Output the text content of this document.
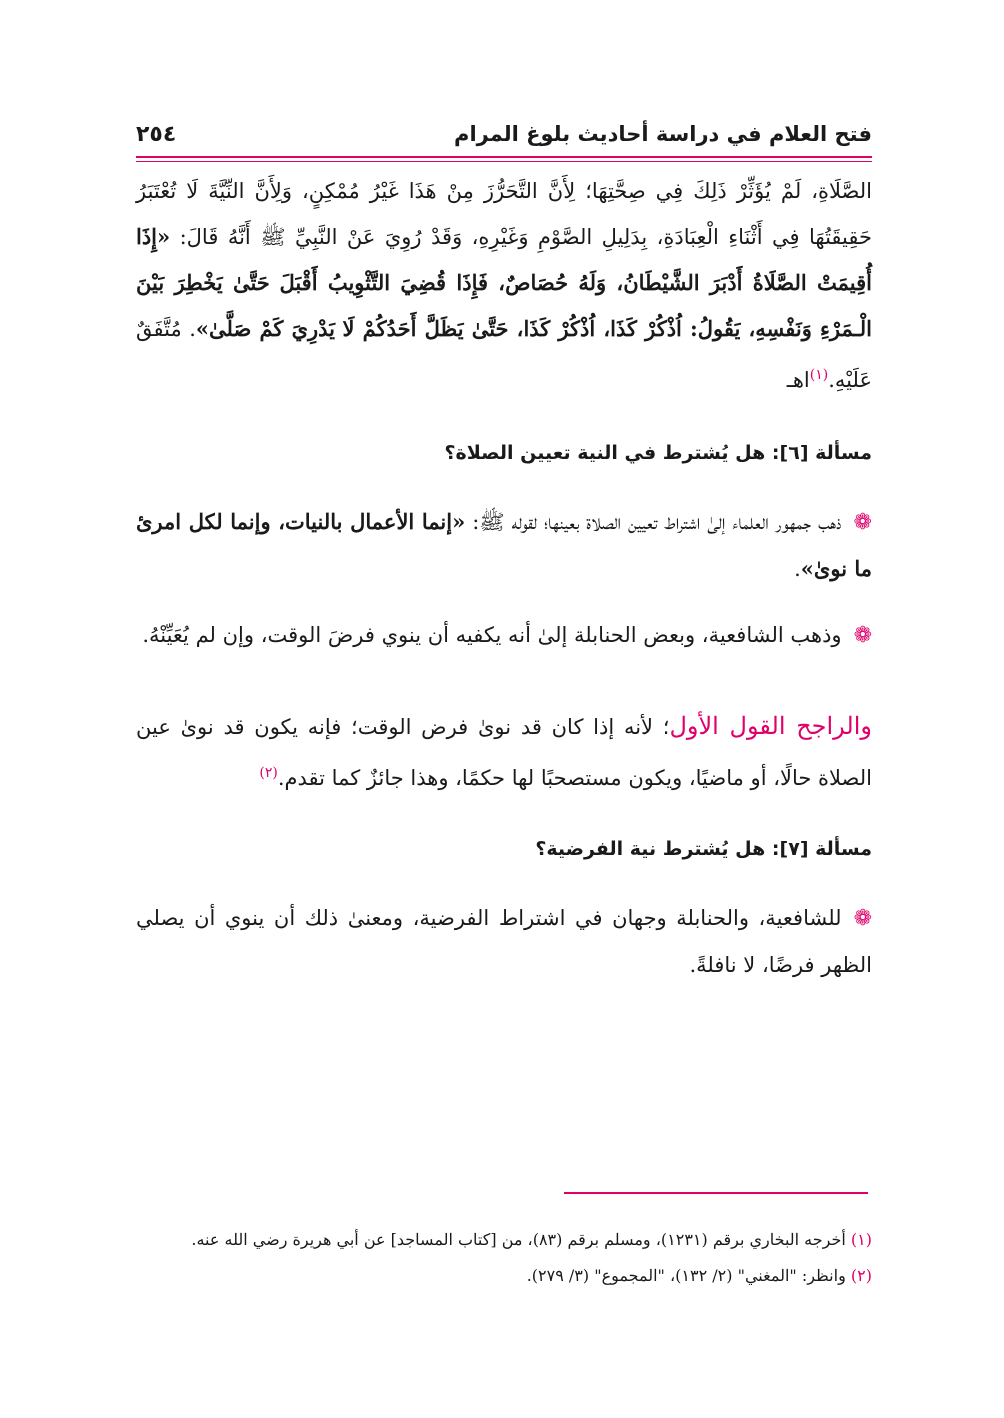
فتح العلام في دراسة أحاديث بلوغ المرام
٢٥٤

الصَّلَاةِ، لَمْ يُؤَثِّرْ ذَلِكَ فِي صِحَّتِهَا؛ لِأَنَّ التَّحَرُّزَ مِنْ هَذَا غَيْرُ مُمْكِنٍ، وَلِأَنَّ النِّيَّةَ لَا تُعْتَبَرُ حَقِيقَتُهَا فِي أَثْنَاءِ الْعِبَادَةِ، بِدَلِيلِ الصَّوْمِ وَغَيْرِهِ، وَقَدْ رُوِيَ عَنْ النَّبِيِّ ﷺ أَنَّهُ قَالَ: «إِذَا أُقِيمَتْ الصَّلَاةُ أَدْبَرَ الشَّيْطَانُ، وَلَهُ حُصَاصٌ، فَإِذَا قُضِيَ التَّثْوِيبُ أَقْبَلَ حَتَّىٰ يَخْطِرَ بَيْنَ الْـمَرْءِ وَنَفْسِهِ، يَقُولُ: اُذْكُرْ كَذَا، اُذْكُرْ كَذَا، حَتَّىٰ يَظَلَّ أَحَدُكُمْ لَا يَدْرِيَ كَمْ صَلَّىٰ». مُتَّفَقٌ عَلَيْهِ.$^{(١)}$اهـ

مسألة [٦]: هل يُشترط في النية تعيين الصلاة؟

❁ذهب جمهور العلماء إلىٰ اشتراط تعيين الصلاة بعينها؛ لقوله ﷺ: «إنما الأعمال بالنيات، وإنما لكل امرئ ما نوىٰ».

❁وذهب الشافعية، وبعض الحنابلة إلىٰ أنه يكفيه أن ينوي فرضَ الوقت، وإن لم يُعَيِّنْهُ.

والراجح القول الأول؛ لأنه إذا كان قد نوىٰ فرض الوقت؛ فإنه يكون قد نوىٰ عين الصلاة حالًا، أو ماضيًا، ويكون مستصحبًا لها حكمًا، وهذا جائزٌ كما تقدم.$^{(٢)}$

مسألة [٧]: هل يُشترط نية الفرضية؟

❁للشافعية، والحنابلة وجهان في اشتراط الفرضية، ومعنىٰ ذلك أن ينوي أن يصلي الظهر فرضًا، لا نافلةً.

(١) أخرجه البخاري برقم (١٢٣١)، ومسلم برقم (٨٣)، من [كتاب المساجد] عن أبي هريرة رضي الله عنه.

(٢) وانظر: "المغني" (٢/ ١٣٢)، "المجموع" (٣/ ٢٧٩).
